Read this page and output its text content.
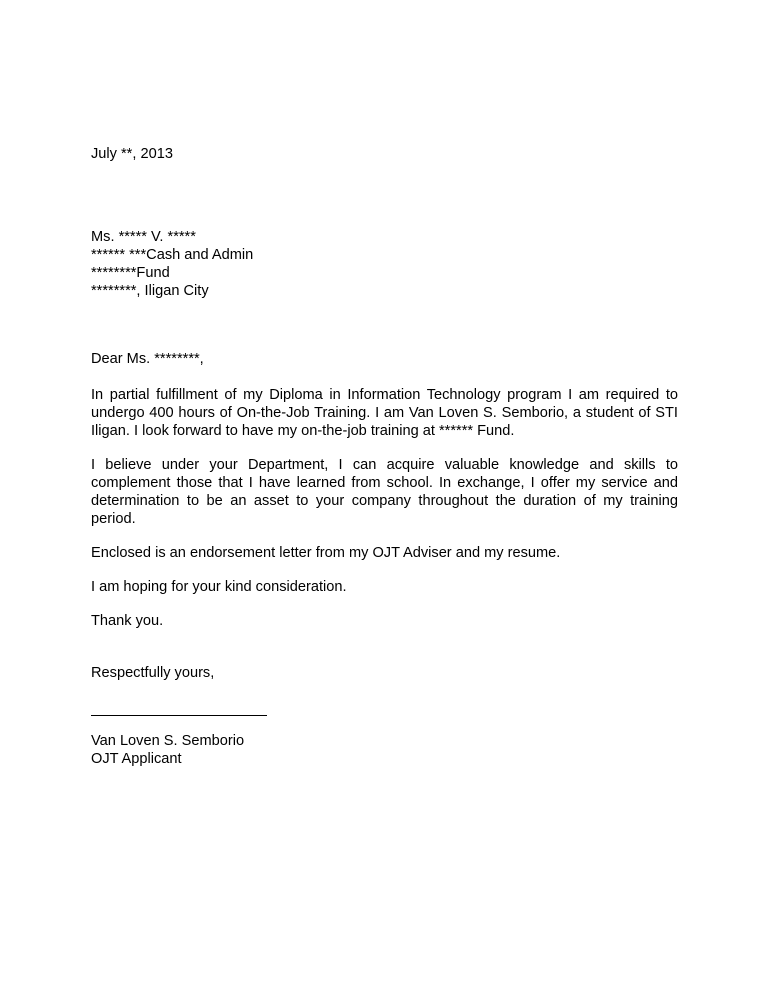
July **, 2013
Ms. ***** V. *****
****** ***Cash and Admin
********Fund
********, Iligan City
Dear Ms. ********,
In partial fulfillment of my Diploma in Information Technology program I am required to undergo 400 hours of On-the-Job Training. I am Van Loven S. Semborio, a student of STI Iligan. I look forward to have my on-the-job training at ****** Fund.
I believe under your Department, I can acquire valuable knowledge and skills to complement those that I have learned from school. In exchange, I offer my service and determination to be an asset to your company throughout the duration of my training period.
Enclosed is an endorsement letter from my OJT Adviser and my resume.
I am hoping for your kind consideration.
Thank you.
Respectfully yours,
Van Loven S. Semborio
OJT Applicant
